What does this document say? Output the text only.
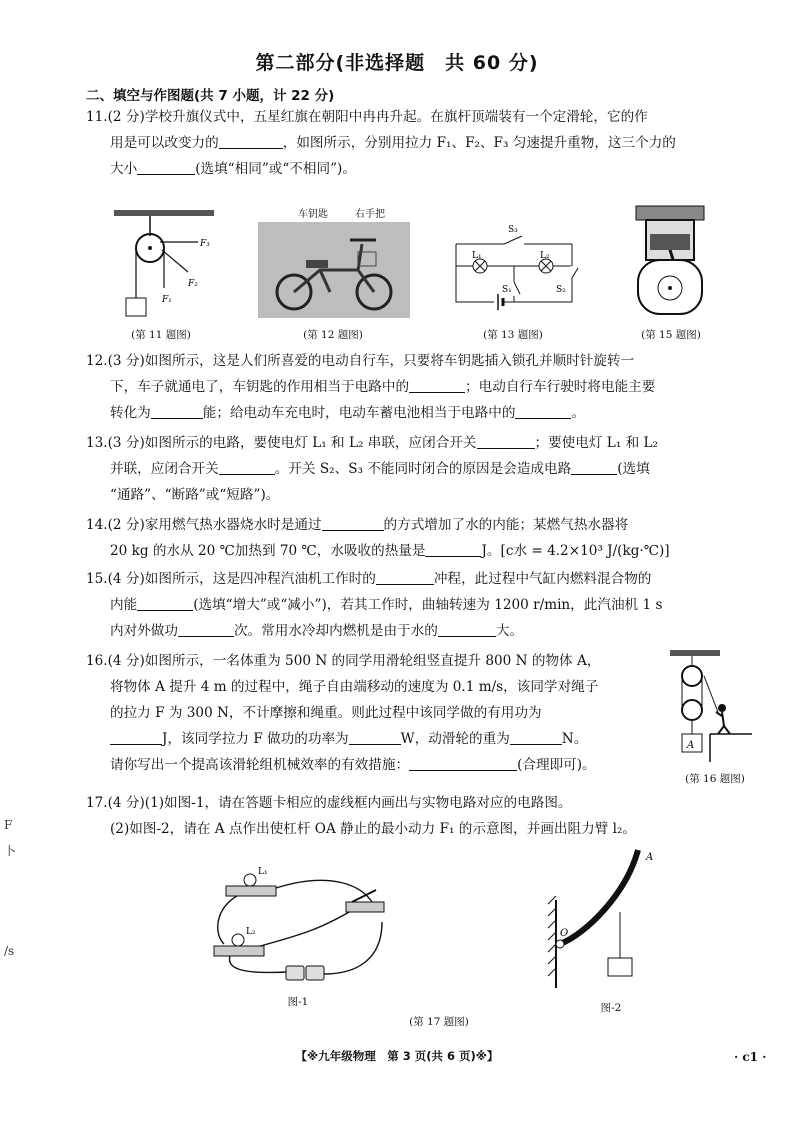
第二部分(非选择题　共 60 分)
二、填空与作图题(共 7 小题，计 22 分)
F
卜
/s
11.(2 分)学校升旗仪式中，五星红旗在朝阳中冉冉升起。在旗杆顶端装有一个定滑轮，它的作
用是可以改变力的	，如图所示，分别用拉力 F₁、F₂、F₃ 匀速提升重物，这三个力的
大小	(选填“相同”或“不相同”)。
F₁
F₂
F₃
(第 11 题图)
车钥匙	右手把
(第 12 题图)
S₃
L₁	L₂
S₁	S₂
(第 13 题图)	(第 15 题图)
12.(3 分)如图所示，这是人们所喜爱的电动自行车，只要将车钥匙插入锁孔并顺时针旋转一
下，车子就通电了，车钥匙的作用相当于电路中的	；电动自行车行驶时将电能主要
转化为	能；给电动车充电时，电动车蓄电池相当于电路中的	。
13.(3 分)如图所示的电路，要使电灯 L₁ 和 L₂ 串联，应闭合开关	；要使电灯 L₁ 和 L₂
并联，应闭合开关	。开关 S₂、S₃ 不能同时闭合的原因是会造成电路	(选填
“通路”、“断路”或“短路”)。
14.(2 分)家用燃气热水器烧水时是通过	的方式增加了水的内能；某燃气热水器将
20 kg 的水从 20 ℃加热到 70 ℃，水吸收的热量是	J。[c水 = 4.2×10³ J/(kg·℃)]
15.(4 分)如图所示，这是四冲程汽油机工作时的	冲程，此过程中气缸内燃料混合物的
内能	(选填“增大”或“减小”)，若其工作时，曲轴转速为 1200 r/min，此汽油机 1 s
内对外做功	次。常用水冷却内燃机是由于水的	大。
16.(4 分)如图所示，一名体重为 500 N 的同学用滑轮组竖直提升 800 N 的物体 A，
将物体 A 提升 4 m 的过程中，绳子自由端移动的速度为 0.1 m/s，该同学对绳子
的拉力 F 为 300 N，不计摩擦和绳重。则此过程中该同学做的有用功为
J，该同学拉力 F 做功的功率为	W，动滑轮的重为	N。
请你写出一个提高该滑轮组机械效率的有效措施：	(合理即可)。
A
(第 16 题图)
17.(4 分)(1)如图-1，请在答题卡相应的虚线框内画出与实物电路对应的电路图。
(2)如图-2，请在 A 点作出使杠杆 OA 静止的最小动力 F₁ 的示意图，并画出阻力臂 l₂。
L₁
L₂
图-1
O
A
图-2
(第 17 题图)
【※九年级物理　第 3 页(共 6 页)※】	· c1 ·
